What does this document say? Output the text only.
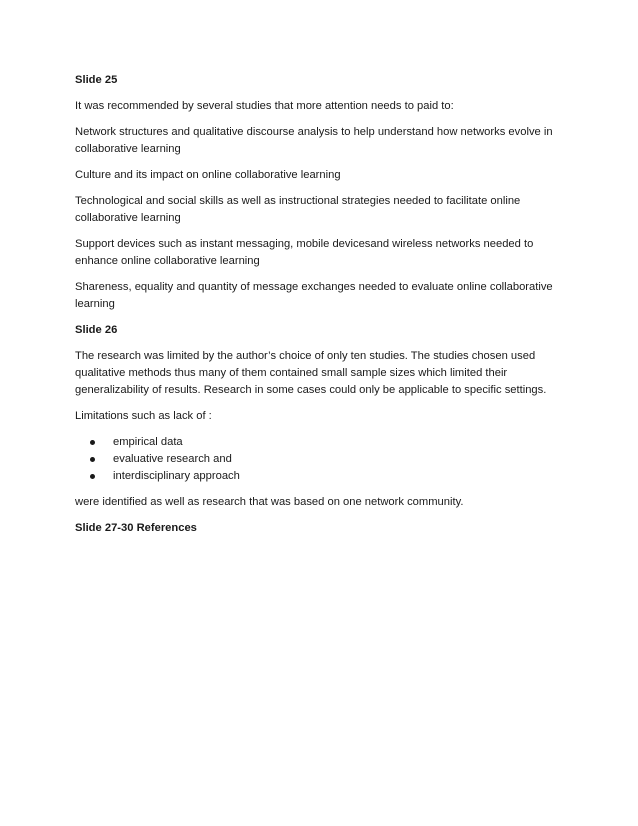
Slide 25

It was recommended by several studies that more attention needs to paid to:

Network structures and qualitative discourse analysis to help understand how networks evolve in collaborative learning

Culture and its impact on online collaborative learning

Technological and social skills as well as instructional strategies needed to facilitate online collaborative learning

Support devices such as instant messaging, mobile devicesand wireless networks needed to enhance online collaborative learning

Shareness, equality and quantity of message exchanges needed to evaluate online collaborative learning

Slide 26

The research was limited by the author’s choice of only ten studies. The studies chosen used qualitative methods thus many of them contained small sample sizes which limited their generalizability of results. Research in some cases could only be applicable to specific settings.

Limitations such as lack of :

empirical data
evaluative research and
interdisciplinary approach

were identified as well as research that was based on one network community.

Slide 27-30 References
